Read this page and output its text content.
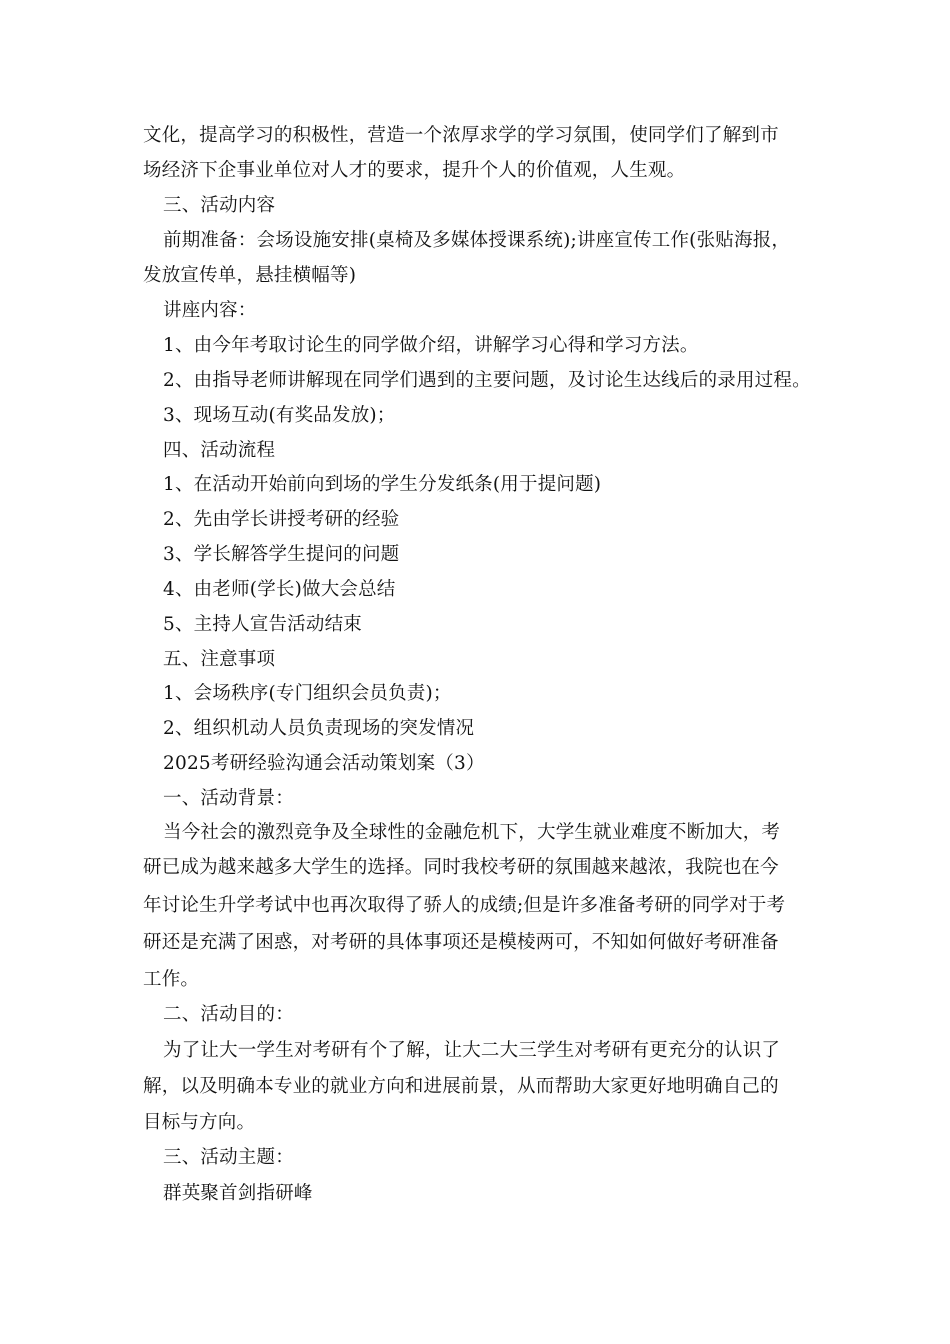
文化，提高学习的积极性，营造一个浓厚求学的学习氛围，使同学们了解到市
场经济下企事业单位对人才的要求，提升个人的价值观，人生观。
三、活动内容
前期准备：会场设施安排(桌椅及多媒体授课系统);讲座宣传工作(张贴海报，
发放宣传单，悬挂横幅等)
讲座内容：
1、由今年考取讨论生的同学做介绍，讲解学习心得和学习方法。
2、由指导老师讲解现在同学们遇到的主要问题，及讨论生达线后的录用过程。
3、现场互动(有奖品发放)；
四、活动流程
1、在活动开始前向到场的学生分发纸条(用于提问题)
2、先由学长讲授考研的经验
3、学长解答学生提问的问题
4、由老师(学长)做大会总结
5、主持人宣告活动结束
五、注意事项
1、会场秩序(专门组织会员负责)；
2、组织机动人员负责现场的突发情况
2025考研经验沟通会活动策划案（3）
一、活动背景：
当今社会的激烈竞争及全球性的金融危机下，大学生就业难度不断加大，考
研已成为越来越多大学生的选择。同时我校考研的氛围越来越浓，我院也在今
年讨论生升学考试中也再次取得了骄人的成绩;但是许多准备考研的同学对于考
研还是充满了困惑，对考研的具体事项还是模棱两可，不知如何做好考研准备
工作。
二、活动目的：
为了让大一学生对考研有个了解，让大二大三学生对考研有更充分的认识了
解，以及明确本专业的就业方向和进展前景，从而帮助大家更好地明确自己的
目标与方向。
三、活动主题：
群英聚首剑指研峰
